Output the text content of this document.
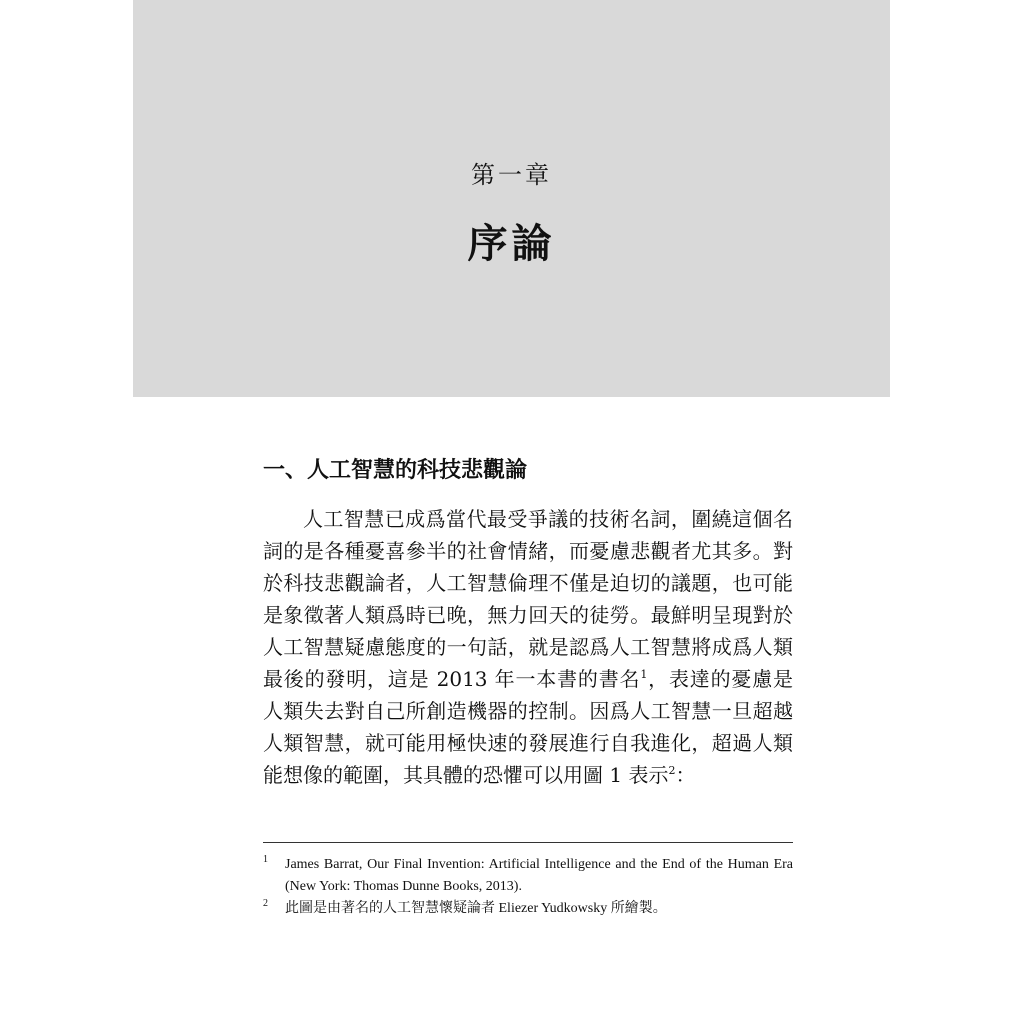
第一章
序論
一、人工智慧的科技悲觀論

人工智慧已成爲當代最受爭議的技術名詞，圍繞這個名詞的是各種憂喜參半的社會情緒，而憂慮悲觀者尤其多。對於科技悲觀論者，人工智慧倫理不僅是迫切的議題，也可能是象徵著人類爲時已晚，無力回天的徒勞。最鮮明呈現對於人工智慧疑慮態度的一句話，就是認爲人工智慧將成爲人類最後的發明，這是 2013 年一本書的書名$^1$，表達的憂慮是人類失去對自己所創造機器的控制。因爲人工智慧一旦超越人類智慧，就可能用極快速的發展進行自我進化，超過人類能想像的範圍，其具體的恐懼可以用圖 1 表示$^2$：

1 James Barrat, Our Final Invention: Artificial Intelligence and the End of the Human Era (New York: Thomas Dunne Books, 2013).
2 此圖是由著名的人工智慧懷疑論者 Eliezer Yudkowsky 所繪製。
